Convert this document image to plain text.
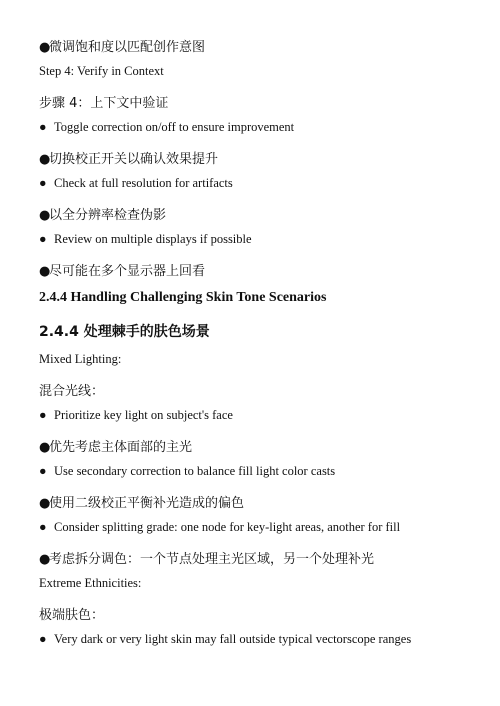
●微调饱和度以匹配创作意图
Step 4: Verify in Context
步骤 4：上下文中验证
● Toggle correction on/off to ensure improvement
●切换校正开关以确认效果提升
● Check at full resolution for artifacts
●以全分辨率检查伪影
● Review on multiple displays if possible
●尽可能在多个显示器上回看
2.4.4 Handling Challenging Skin Tone Scenarios
2.4.4 处理棘手的肤色场景
Mixed Lighting:
混合光线：
● Prioritize key light on subject's face
●优先考虑主体面部的主光
● Use secondary correction to balance fill light color casts
●使用二级校正平衡补光造成的偏色
● Consider splitting grade: one node for key-light areas, another for fill
●考虑拆分调色：一个节点处理主光区域，另一个处理补光
Extreme Ethnicities:
极端肤色：
● Very dark or very light skin may fall outside typical vectorscope ranges
